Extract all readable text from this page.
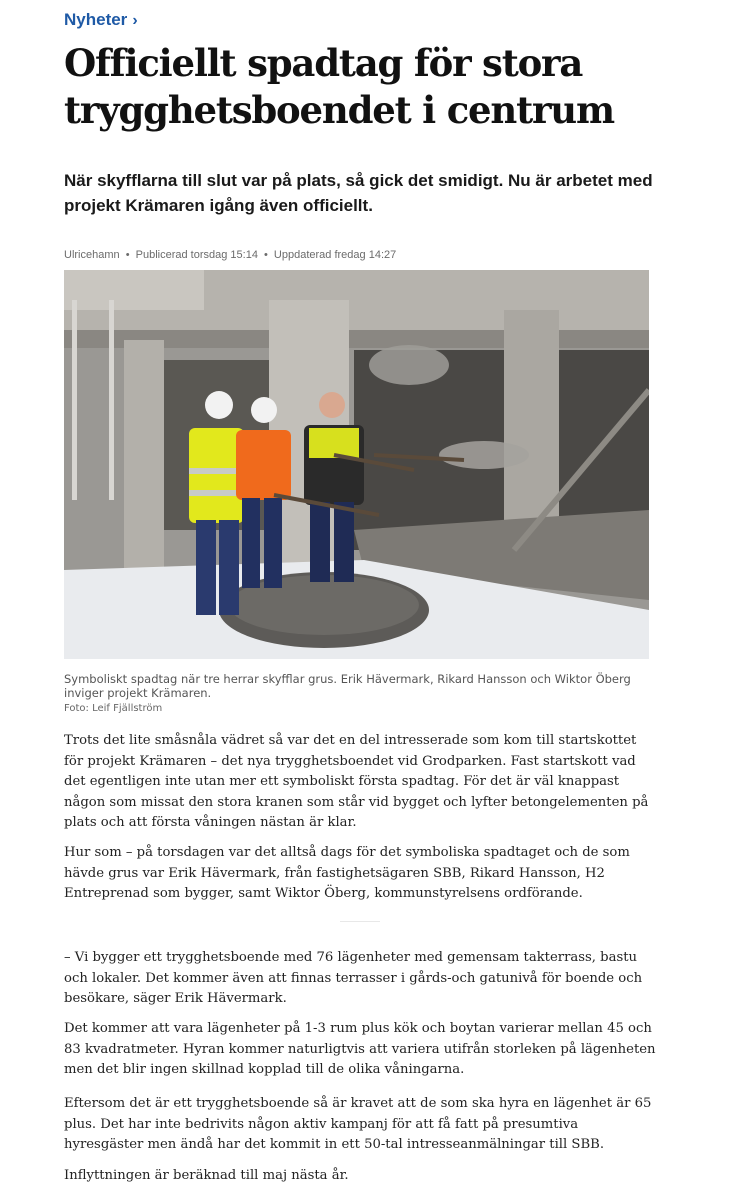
Nyheter ›
Officiellt spadtag för stora trygghetsboendet i centrum

När skyfflarna till slut var på plats, så gick det smidigt. Nu är arbetet med projekt Krämaren igång även officiellt.

Ulricehamn • Publicerad torsdag 15:14 • Uppdaterad fredag 14:27
Symboliskt spadtag när tre herrar skyfflar grus. Erik Hävermark, Rikard Hansson och Wiktor Öberg inviger projekt Krämaren.
Foto: Leif Fjällström

Trots det lite småsnåla vädret så var det en del intresserade som kom till startskottet för projekt Krämaren – det nya trygghetsboendet vid Grodparken. Fast startskott vad det egentligen inte utan mer ett symboliskt första spadtag. För det är väl knappast någon som missat den stora kranen som står vid bygget och lyfter betongelementen på plats och att första våningen nästan är klar.

Hur som – på torsdagen var det alltså dags för det symboliska spadtaget och de som hävde grus var Erik Hävermark, från fastighetsägaren SBB, Rikard Hansson, H2 Entreprenad som bygger, samt Wiktor Öberg, kommunstyrelsens ordförande.

– Vi bygger ett trygghetsboende med 76 lägenheter med gemensam takterrass, bastu och lokaler. Det kommer även att finnas terrasser i gårds-och gatunivå för boende och besökare, säger Erik Hävermark.

Det kommer att vara lägenheter på 1-3 rum plus kök och boytan varierar mellan 45 och 83 kvadratmeter. Hyran kommer naturligtvis att variera utifrån storleken på lägenheten men det blir ingen skillnad kopplad till de olika våningarna.

Eftersom det är ett trygghetsboende så är kravet att de som ska hyra en lägenhet är 65 plus. Det har inte bedrivits någon aktiv kampanj för att få fatt på presumtiva hyresgäster men ändå har det kommit in ett 50-tal intresseanmälningar till SBB.

Inflyttningen är beräknad till maj nästa år.
